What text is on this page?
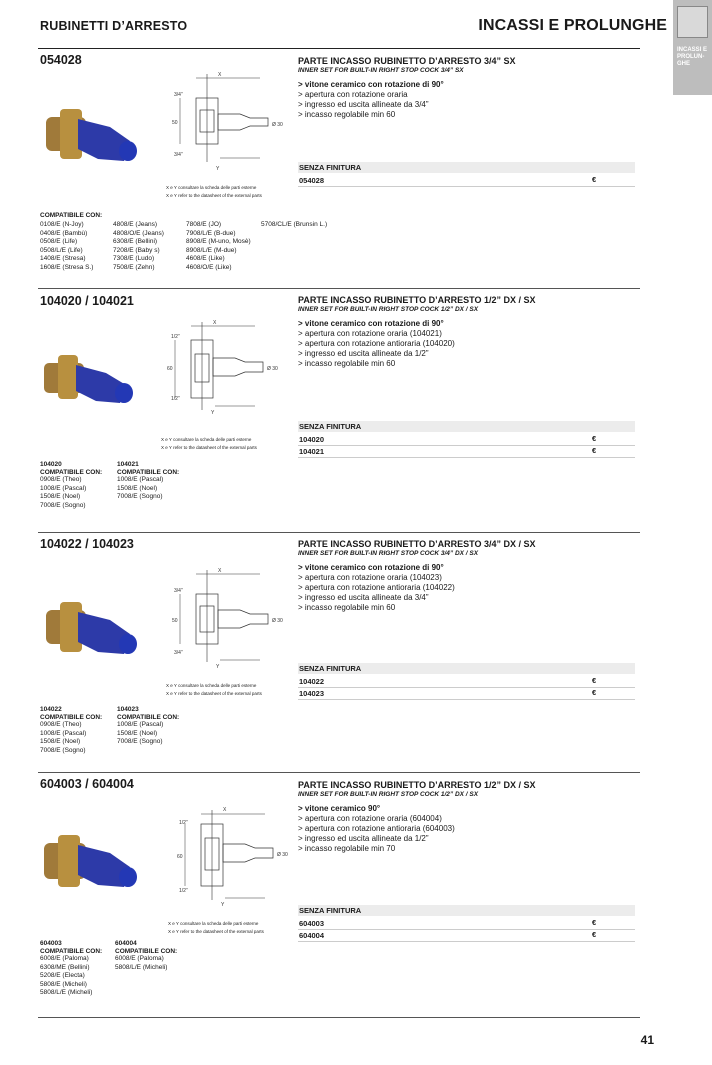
RUBINETTI D’ARRESTO	INCASSI E PROLUNGHE
INCASSI E PROLUN-GHE
054028
X
Y
3/4”
3/4”
50	Ø 30
X e Y consultare la scheda delle parti esterne
X e Y refer to the datasheet of the external parts
PARTE INCASSO RUBINETTO D’ARRESTO 3/4” SX
INNER SET FOR BUILT-IN RIGHT STOP COCK 3/4” SX
> vitone ceramico con rotazione di 90°
> apertura con rotazione oraria
> ingresso ed uscita allineate da 3/4”
> incasso regolabile min 60
SENZA FINITURA
054028	€
COMPATIBILE CON:
0108/E (N-Joy)
0408/E (Bambù)
0508/E (Life)
0508/L/E (Life)
1408/E (Stresa)
1608/E (Stresa S.)
4808/E (Jeans)
4808/O/E (Jeans)
6308/E (Bellini)
7208/E (Baby s)
7308/E (Ludo)
7508/E (Zehn)
7808/E (JO)
7908/L/E (B-due)
8908/E (M-uno, Mosè)
8908/L/E (M-due)
4608/E (Like)
4608/O/E (Like)
5708/CL/E (Brunsin L.)
104020 / 104021
X
Y
1/2”
1/2”
60	Ø 30
X e Y consultare la scheda delle parti esterne
X e Y refer to the datasheet of the external parts
PARTE INCASSO RUBINETTO D’ARRESTO 1/2” DX / SX
INNER SET FOR BUILT-IN RIGHT STOP COCK 1/2” DX / SX
> vitone ceramico con rotazione di 90°
> apertura con rotazione oraria (104021)
> apertura con rotazione antioraria (104020)
> ingresso ed uscita allineate da 1/2”
> incasso regolabile min 60
SENZA FINITURA
104020	€
104021	€
104020
COMPATIBILE CON:
0908/E (Theo)
1008/E (Pascal)
1508/E (Noel)
7008/E (Sogno)
104021
COMPATIBILE CON:
1008/E (Pascal)
1508/E (Noel)
7008/E (Sogno)
104022 / 104023
X
Y
3/4”
3/4”
50	Ø 30
X e Y consultare la scheda delle parti esterne
X e Y refer to the datasheet of the external parts
PARTE INCASSO RUBINETTO D’ARRESTO 3/4” DX / SX
INNER SET FOR BUILT-IN RIGHT STOP COCK 3/4” DX / SX
> vitone ceramico con rotazione di 90°
> apertura con rotazione oraria (104023)
> apertura con rotazione antioraria (104022)
> ingresso ed uscita allineate da 3/4”
> incasso regolabile min 60
SENZA FINITURA
104022	€
104023	€
104022
COMPATIBILE CON:
0908/E (Theo)
1008/E (Pascal)
1508/E (Noel)
7008/E (Sogno)
104023
COMPATIBILE CON:
1008/E (Pascal)
1508/E (Noel)
7008/E (Sogno)
604003 / 604004
X
Y
1/2”
1/2”
60	Ø 30
X e Y consultare la scheda delle parti esterne
X e Y refer to the datasheet of the external parts
PARTE INCASSO RUBINETTO D’ARRESTO 1/2” DX / SX
INNER SET FOR BUILT-IN RIGHT STOP COCK 1/2” DX / SX
> vitone ceramico 90°
> apertura con rotazione oraria (604004)
> apertura con rotazione antioraria (604003)
> ingresso ed uscita allineate da 1/2”
> incasso regolabile min 70
SENZA FINITURA
604003	€
604004	€
604003
COMPATIBILE CON:
6008/E (Paloma)
6308/ME (Bellini)
5208/E (Electa)
5808/E (Micheli)
5808/L/E (Micheli)
604004
COMPATIBILE CON:
6008/E (Paloma)
5808/L/E (Micheli)
41
